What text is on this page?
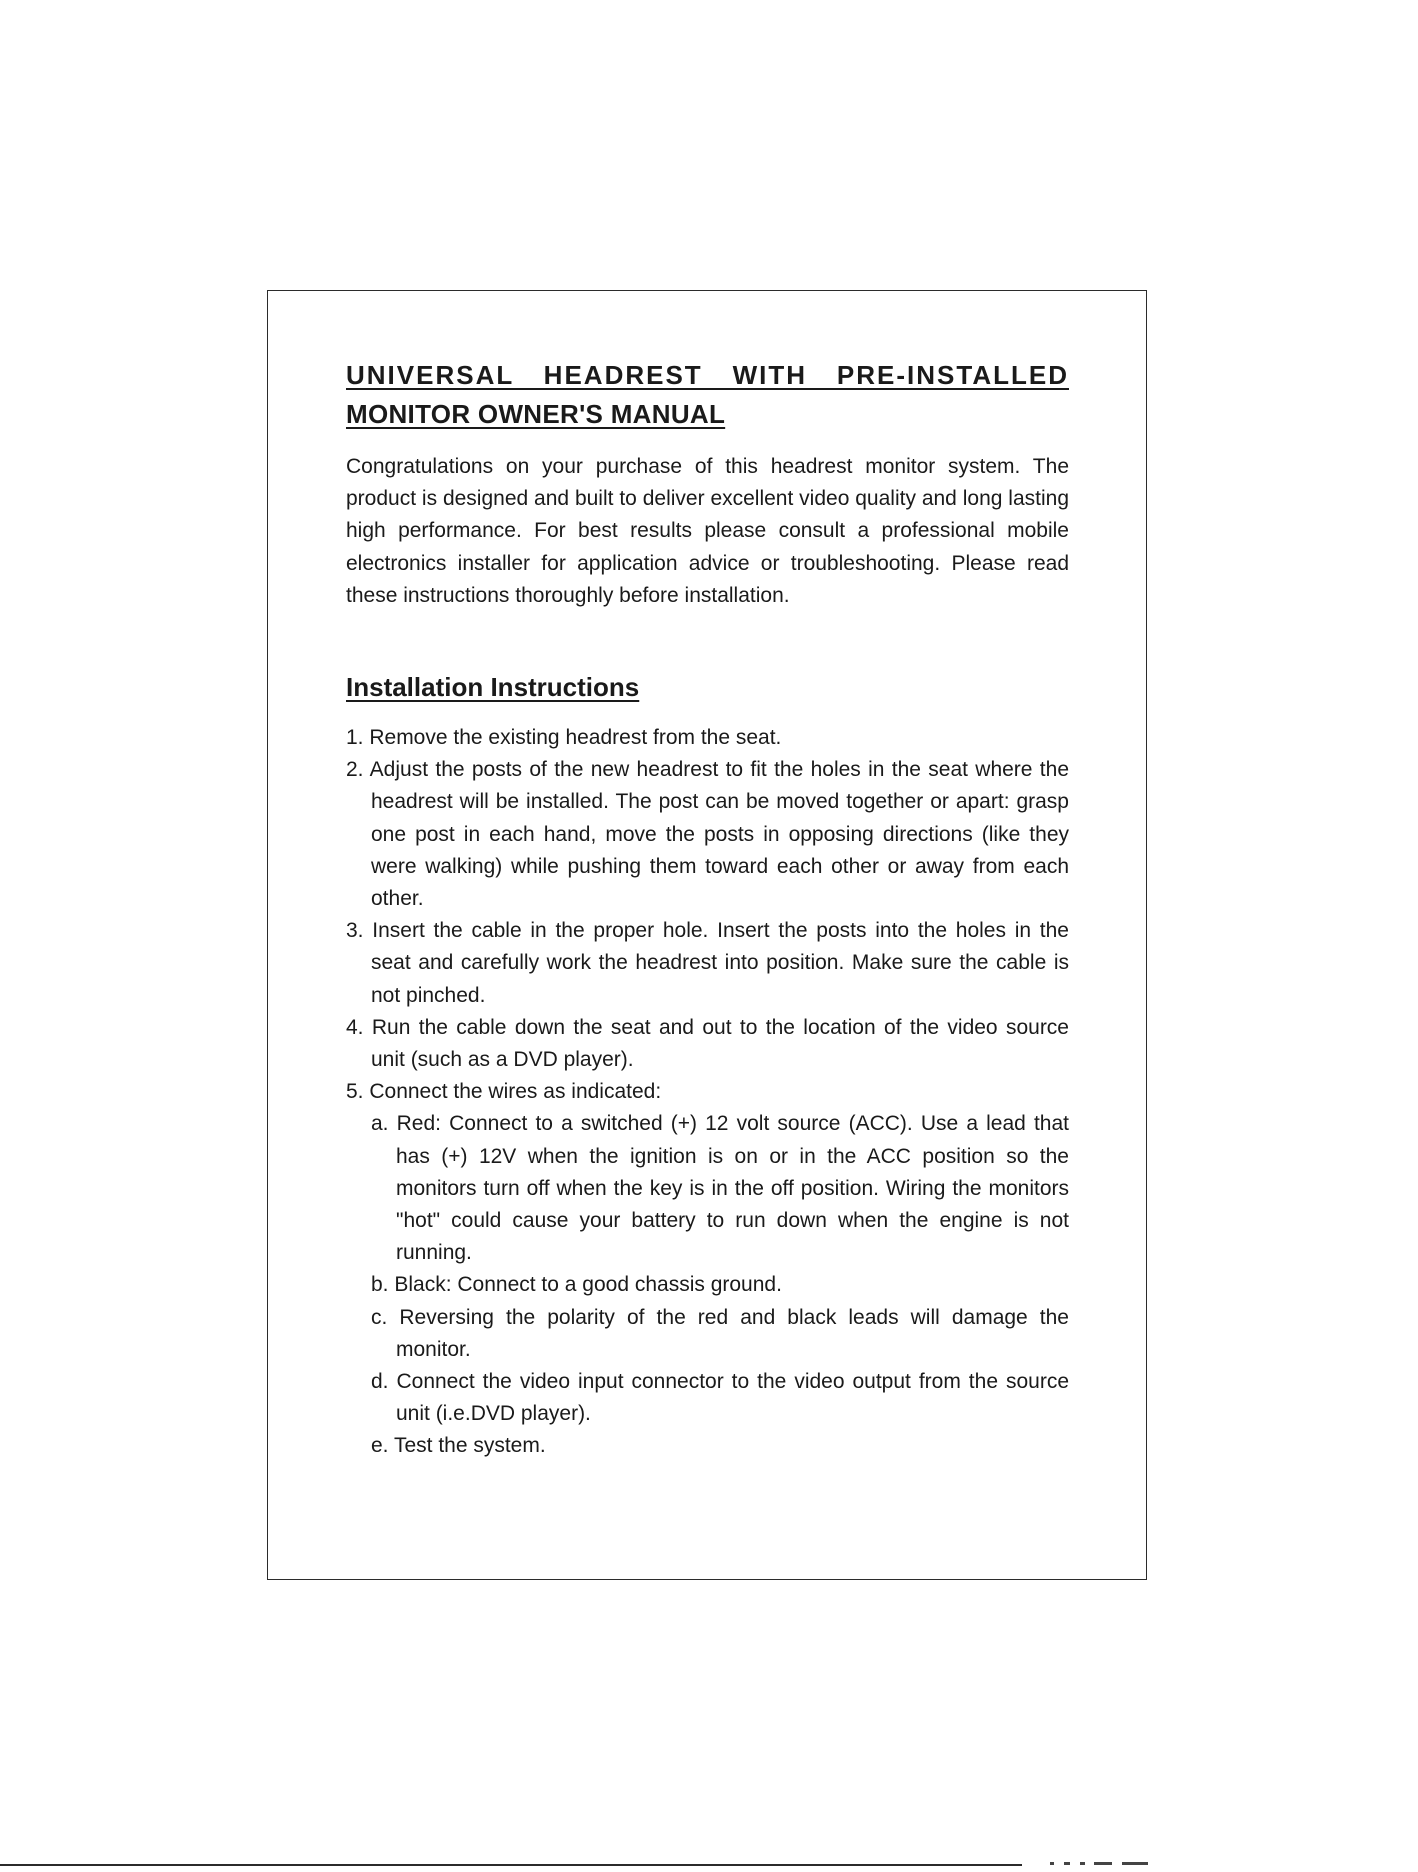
UNIVERSAL HEADREST WITH PRE-INSTALLED
MONITOR OWNER'S MANUAL

Congratulations on your purchase of this headrest monitor system. The product is designed and built to deliver excellent video quality and long lasting high performance. For best results please consult a professional mobile electronics installer for application advice or troubleshooting. Please read these instructions thoroughly before installation.

Installation Instructions
1. Remove the existing headrest from the seat.
2. Adjust the posts of the new headrest to fit the holes in the seat where the headrest will be installed. The post can be moved together or apart: grasp one post in each hand, move the posts in opposing directions (like they were walking) while pushing them toward each other or away from each other.
3. Insert the cable in the proper hole. Insert the posts into the holes in the seat and carefully work the headrest into position. Make sure the cable is not pinched.
4. Run the cable down the seat and out to the location of the video source unit (such as a DVD player).
5. Connect the wires as indicated:
a. Red: Connect to a switched (+) 12 volt source (ACC). Use a lead that has (+) 12V when the ignition is on or in the ACC position so the monitors turn off when the key is in the off position. Wiring the monitors "hot" could cause your battery to run down when the engine is not running.
b. Black: Connect to a good chassis ground.
c. Reversing the polarity of the red and black leads will damage the monitor.
d. Connect the video input connector to the video output from the source unit (i.e.DVD player).
e. Test the system.
